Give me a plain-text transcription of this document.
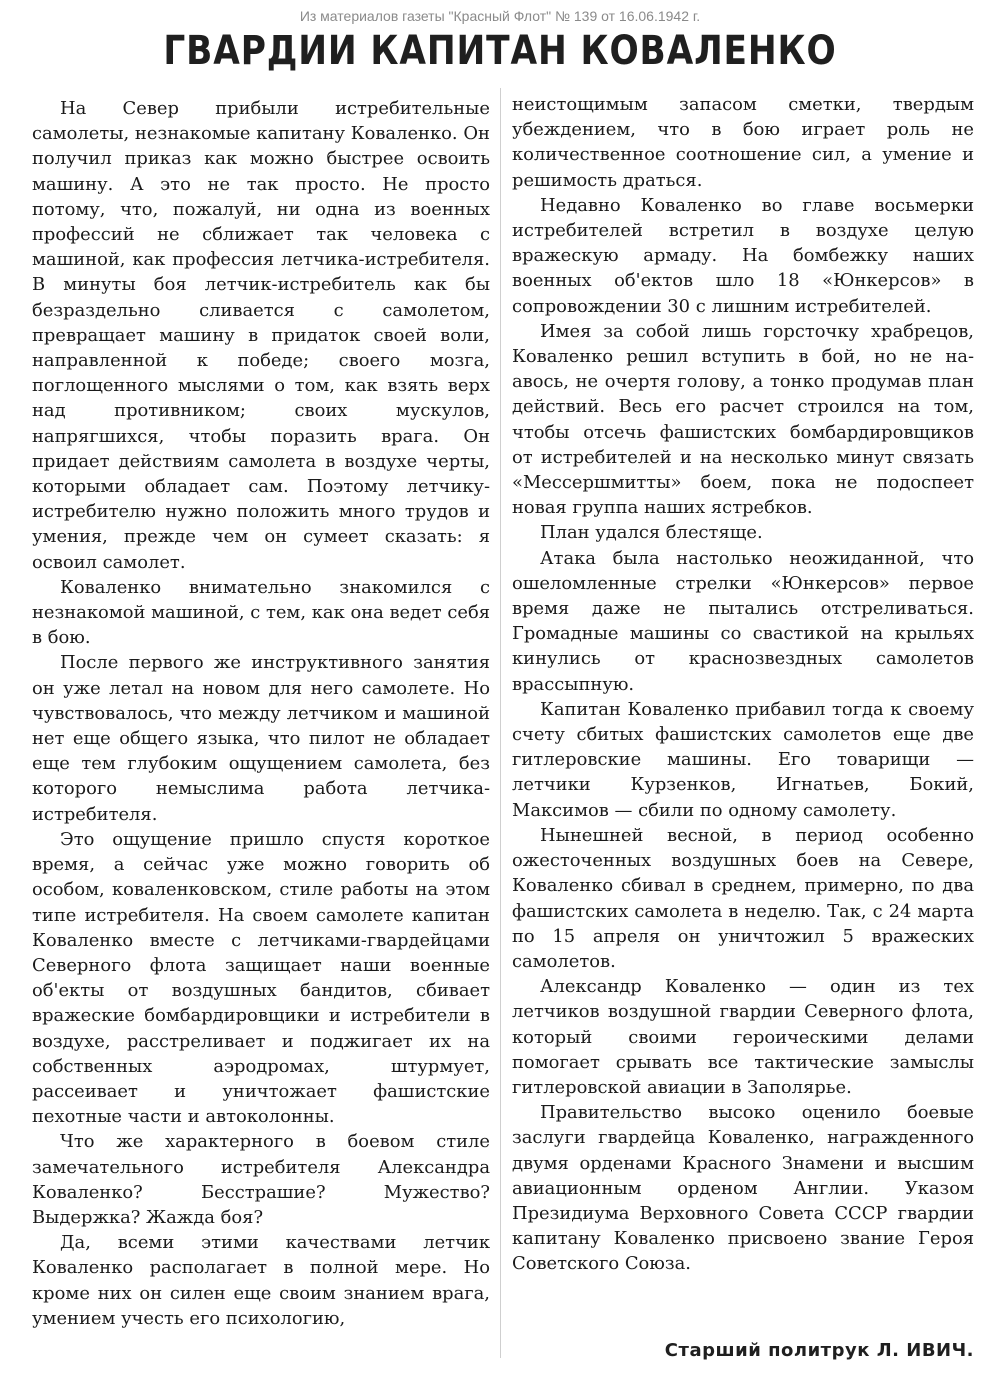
Из материалов газеты "Красный Флот" № 139 от 16.06.1942 г.
ГВАРДИИ КАПИТАН КОВАЛЕНКО

На Север прибыли истребительные самолеты, незнакомые капитану Коваленко. Он получил приказ как можно быстрее освоить машину. А это не так просто. Не просто потому, что, пожалуй, ни одна из военных профессий не сближает так человека с машиной, как профессия летчика-истребителя. В минуты боя летчик-истребитель как бы безраздельно сливается с самолетом, превращает машину в придаток своей воли, направленной к победе; своего мозга, поглощенного мыслями о том, как взять верх над противником; своих мускулов, напрягшихся, чтобы поразить врага. Он придает действиям самолета в воздухе черты, которыми обладает сам. Поэтому летчику-истребителю нужно положить много трудов и умения, прежде чем он сумеет сказать: я освоил самолет.

Коваленко внимательно знакомился с незнакомой машиной, с тем, как она ведет себя в бою.

После первого же инструктивного занятия он уже летал на новом для него самолете. Но чувствовалось, что между летчиком и машиной нет еще общего языка, что пилот не обладает еще тем глубоким ощущением самолета, без которого немыслима работа летчика-истребителя.

Это ощущение пришло спустя короткое время, а сейчас уже можно говорить об особом, коваленковском, стиле работы на этом типе истребителя. На своем самолете капитан Коваленко вместе с летчиками-гвардейцами Северного флота защищает наши военные об'екты от воздушных бандитов, сбивает вражеские бомбардировщики и истребители в воздухе, расстреливает и поджигает их на собственных аэродромах, штурмует, рассеивает и уничтожает фашистские пехотные части и автоколонны.

Что же характерного в боевом стиле замечательного истребителя Александра Коваленко? Бесстрашие? Мужество? Выдержка? Жажда боя?

Да, всеми этими качествами летчик Коваленко располагает в полной мере. Но кроме них он силен еще своим знанием врага, умением учесть его психологию,

неистощимым запасом сметки, твердым убеждением, что в бою играет роль не количественное соотношение сил, а умение и решимость драться.

Недавно Коваленко во главе восьмерки истребителей встретил в воздухе целую вражескую армаду. На бомбежку наших военных об'ектов шло 18 «Юнкерсов» в сопровождении 30 с лишним истребителей.

Имея за собой лишь горсточку храбрецов, Коваленко решил вступить в бой, но не на-авось, не очертя голову, а тонко продумав план действий. Весь его расчет строился на том, чтобы отсечь фашистских бомбардировщиков от истребителей и на несколько минут связать «Мессершмитты» боем, пока не подоспеет новая группа наших ястребков.

План удался блестяще.

Атака была настолько неожиданной, что ошеломленные стрелки «Юнкерсов» первое время даже не пытались отстреливаться. Громадные машины со свастикой на крыльях кинулись от краснозвездных самолетов врассыпную.

Капитан Коваленко прибавил тогда к своему счету сбитых фашистских самолетов еще две гитлеровские машины. Его товарищи — летчики Курзенков, Игнатьев, Бокий, Максимов — сбили по одному самолету.

Нынешней весной, в период особенно ожесточенных воздушных боев на Севере, Коваленко сбивал в среднем, примерно, по два фашистских самолета в неделю. Так, с 24 марта по 15 апреля он уничтожил 5 вражеских самолетов.

Александр Коваленко — один из тех летчиков воздушной гвардии Северного флота, который своими героическими делами помогает срывать все тактические замыслы гитлеровской авиации в Заполярье.

Правительство высоко оценило боевые заслуги гвардейца Коваленко, награжденного двумя орденами Красного Знамени и высшим авиационным орденом Англии. Указом Президиума Верховного Совета СССР гвардии капитану Коваленко присвоено звание Героя Советского Союза.

Старший политрук Л. ИВИЧ.
